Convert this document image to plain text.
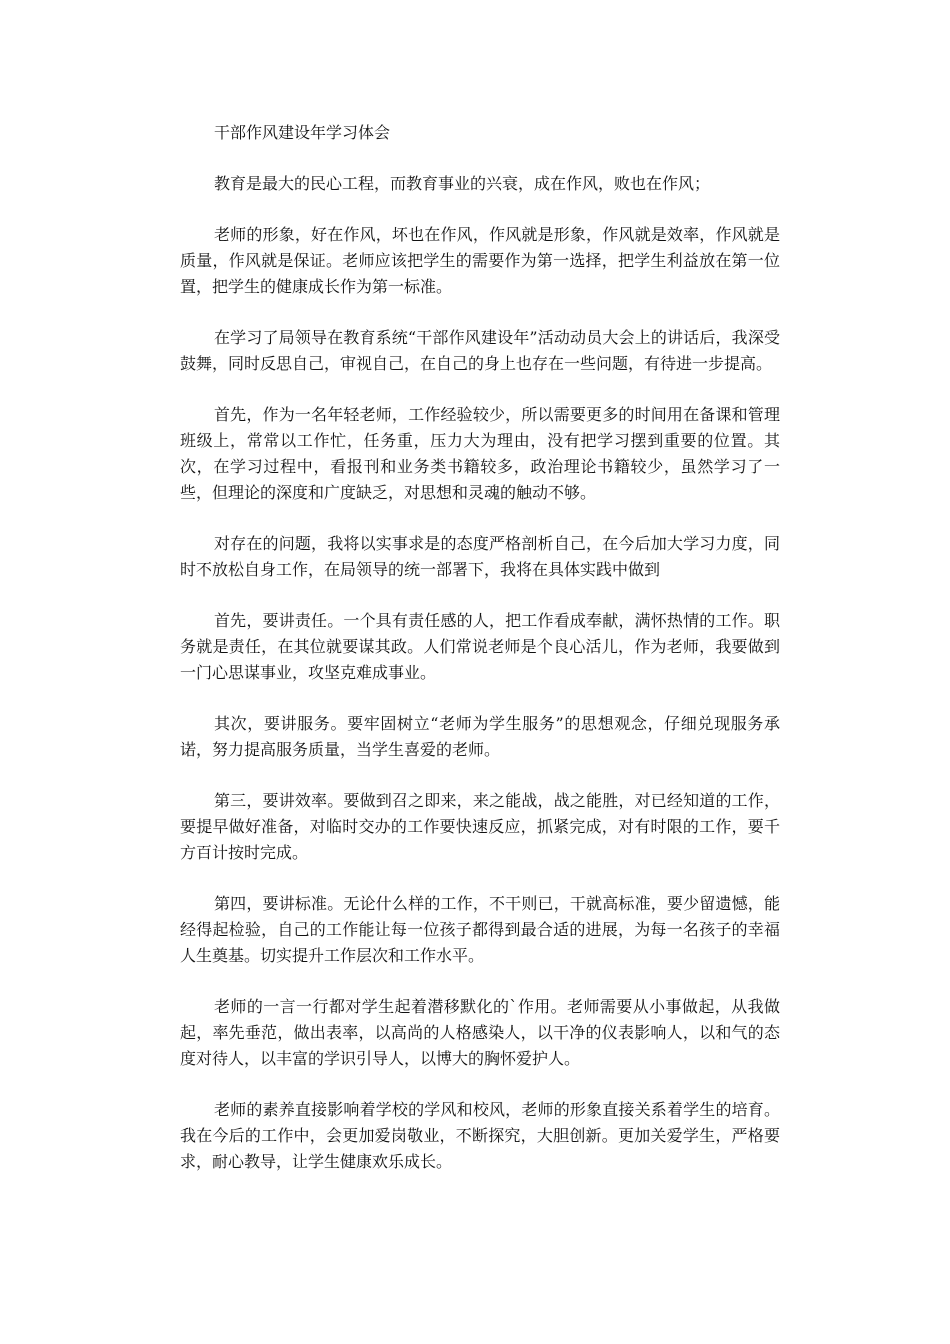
干部作风建设年学习体会

教育是最大的民心工程，而教育事业的兴衰，成在作风，败也在作风；

老师的形象，好在作风，坏也在作风，作风就是形象，作风就是效率，作风就是质量，作风就是保证。老师应该把学生的需要作为第一选择，把学生利益放在第一位置，把学生的健康成长作为第一标准。

在学习了局领导在教育系统“干部作风建设年”活动动员大会上的讲话后，我深受鼓舞，同时反思自己，审视自己，在自己的身上也存在一些问题，有待进一步提高。

首先，作为一名年轻老师，工作经验较少，所以需要更多的时间用在备课和管理班级上，常常以工作忙，任务重，压力大为理由，没有把学习摆到重要的位置。其次，在学习过程中，看报刊和业务类书籍较多，政治理论书籍较少，虽然学习了一些，但理论的深度和广度缺乏，对思想和灵魂的触动不够。

对存在的问题，我将以实事求是的态度严格剖析自己，在今后加大学习力度，同时不放松自身工作，在局领导的统一部署下，我将在具体实践中做到

首先，要讲责任。一个具有责任感的人，把工作看成奉献，满怀热情的工作。职务就是责任，在其位就要谋其政。人们常说老师是个良心活儿，作为老师，我要做到一门心思谋事业，攻坚克难成事业。

其次，要讲服务。要牢固树立“老师为学生服务”的思想观念，仔细兑现服务承诺，努力提高服务质量，当学生喜爱的老师。

第三，要讲效率。要做到召之即来，来之能战，战之能胜，对已经知道的工作，要提早做好准备，对临时交办的工作要快速反应，抓紧完成，对有时限的工作，要千方百计按时完成。

第四，要讲标准。无论什么样的工作，不干则已，干就高标准，要少留遗憾，能经得起检验，自己的工作能让每一位孩子都得到最合适的进展，为每一名孩子的幸福人生奠基。切实提升工作层次和工作水平。

老师的一言一行都对学生起着潜移默化的`作用。老师需要从小事做起，从我做起，率先垂范，做出表率，以高尚的人格感染人，以干净的仪表影响人，以和气的态度对待人，以丰富的学识引导人，以博大的胸怀爱护人。

老师的素养直接影响着学校的学风和校风，老师的形象直接关系着学生的培育。我在今后的工作中，会更加爱岗敬业，不断探究，大胆创新。更加关爱学生，严格要求，耐心教导，让学生健康欢乐成长。
